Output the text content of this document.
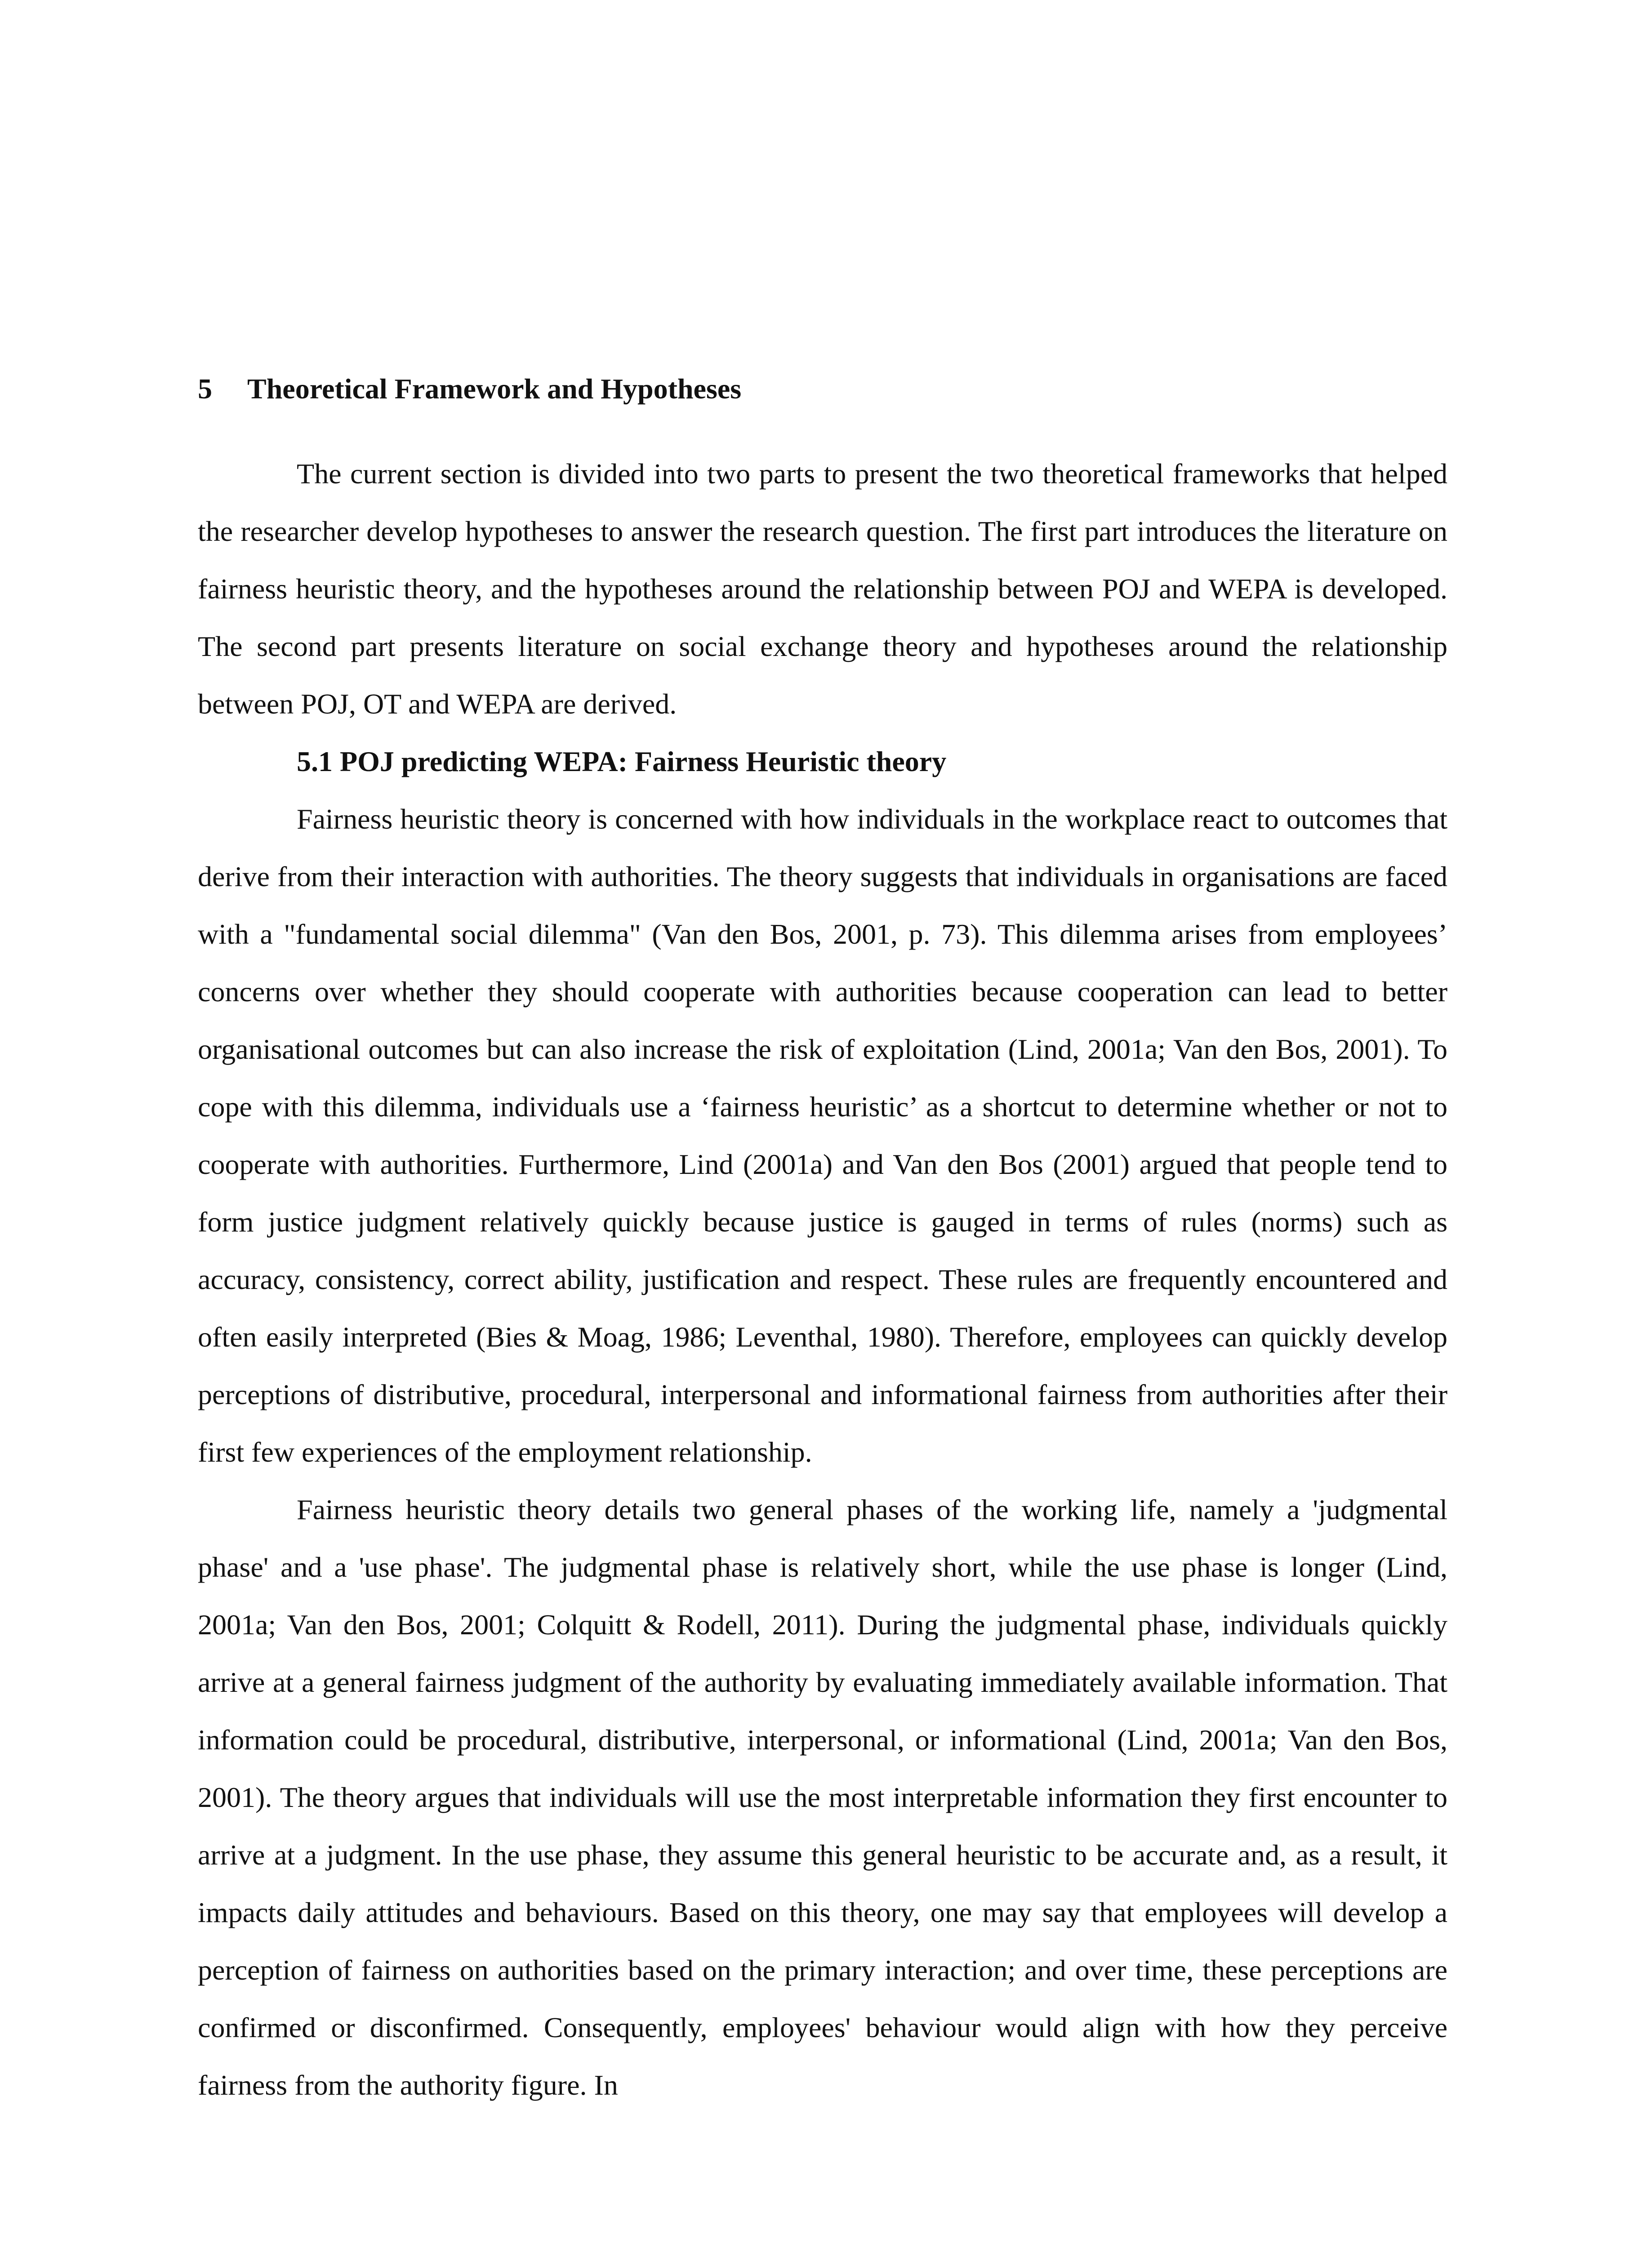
5 Theoretical Framework and Hypotheses

The current section is divided into two parts to present the two theoretical frameworks that helped the researcher develop hypotheses to answer the research question. The first part introduces the literature on fairness heuristic theory, and the hypotheses around the relationship between POJ and WEPA is developed. The second part presents literature on social exchange theory and hypotheses around the relationship between POJ, OT and WEPA are derived.

5.1 POJ predicting WEPA: Fairness Heuristic theory

Fairness heuristic theory is concerned with how individuals in the workplace react to outcomes that derive from their interaction with authorities. The theory suggests that individuals in organisations are faced with a "fundamental social dilemma" (Van den Bos, 2001, p. 73). This dilemma arises from employees’ concerns over whether they should cooperate with authorities because cooperation can lead to better organisational outcomes but can also increase the risk of exploitation (Lind, 2001a; Van den Bos, 2001). To cope with this dilemma, individuals use a ‘fairness heuristic’ as a shortcut to determine whether or not to cooperate with authorities. Furthermore, Lind (2001a) and Van den Bos (2001) argued that people tend to form justice judgment relatively quickly because justice is gauged in terms of rules (norms) such as accuracy, consistency, correct ability, justification and respect. These rules are frequently encountered and often easily interpreted (Bies & Moag, 1986; Leventhal, 1980). Therefore, employees can quickly develop perceptions of distributive, procedural, interpersonal and informational fairness from authorities after their first few experiences of the employment relationship.

Fairness heuristic theory details two general phases of the working life, namely a 'judgmental phase' and a 'use phase'. The judgmental phase is relatively short, while the use phase is longer (Lind, 2001a; Van den Bos, 2001; Colquitt & Rodell, 2011). During the judgmental phase, individuals quickly arrive at a general fairness judgment of the authority by evaluating immediately available information. That information could be procedural, distributive, interpersonal, or informational (Lind, 2001a; Van den Bos, 2001). The theory argues that individuals will use the most interpretable information they first encounter to arrive at a judgment. In the use phase, they assume this general heuristic to be accurate and, as a result, it impacts daily attitudes and behaviours. Based on this theory, one may say that employees will develop a perception of fairness on authorities based on the primary interaction; and over time, these perceptions are confirmed or disconfirmed. Consequently, employees' behaviour would align with how they perceive fairness from the authority figure. In
